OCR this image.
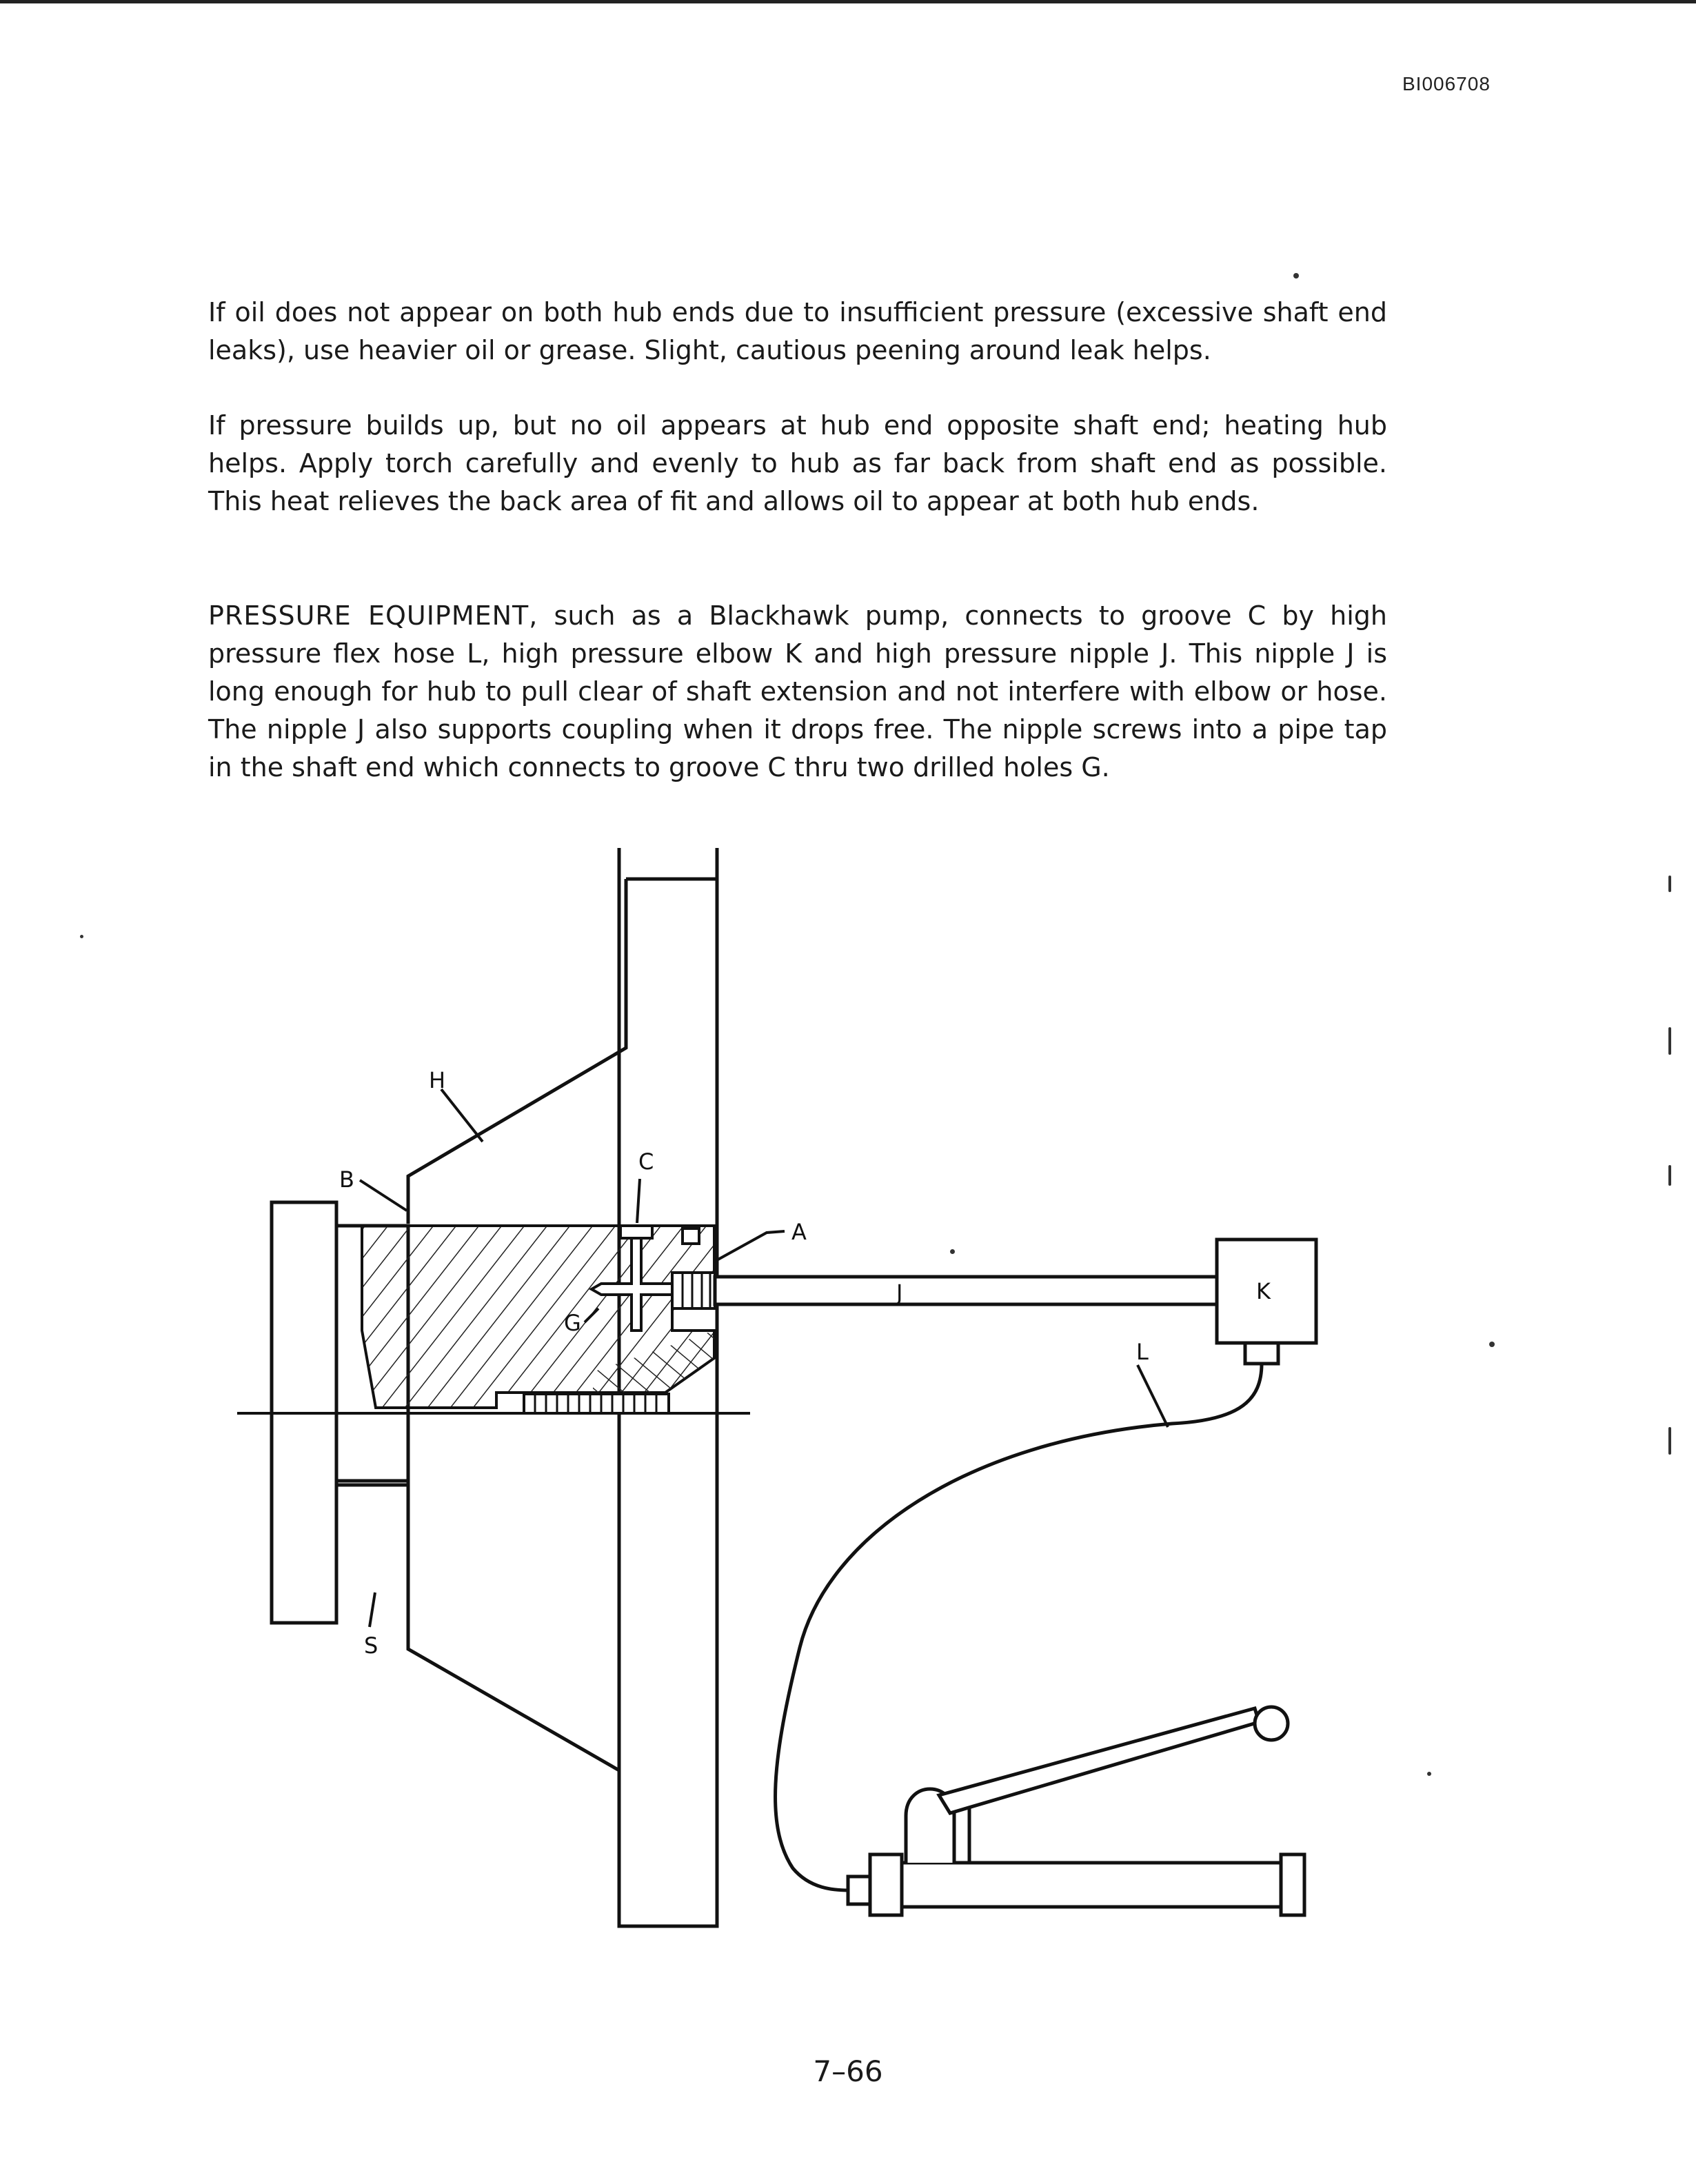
BI006708

If oil does not appear on both hub ends due to insufficient pressure (excessive shaft end leaks), use heavier oil or grease. Slight, cautious peening around leak helps.

If pressure builds up, but no oil appears at hub end opposite shaft end; heating hub helps. Apply torch carefully and evenly to hub as far back from shaft end as possible. This heat relieves the back area of fit and allows oil to appear at both hub ends.

PRESSURE EQUIPMENT, such as a Blackhawk pump, connects to groove C by high pressure flex hose L, high pressure elbow K and high pressure nipple J. This nipple J is long enough for hub to pull clear of shaft extension and not interfere with elbow or hose. The nipple J also supports coupling when it drops free. The nipple screws into a pipe tap in the shaft end which connects to groove C thru two drilled holes G.

H
B
C
A
J	K
G
L
S
7–66
